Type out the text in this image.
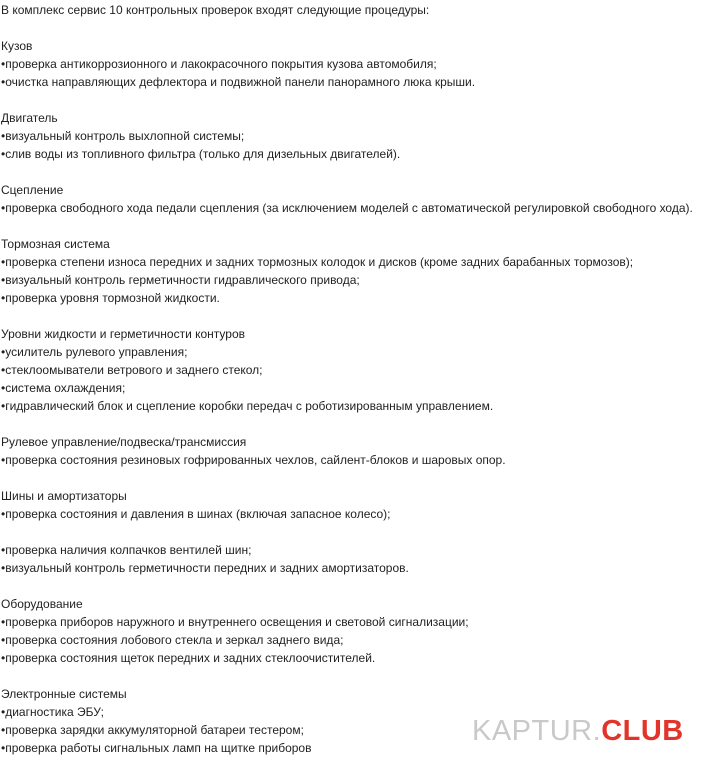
В комплекс сервис 10 контрольных проверок входят следующие процедуры:
Кузов
•проверка антикоррозионного и лакокрасочного покрытия кузова автомобиля;
•очистка направляющих дефлектора и подвижной панели панорамного люка крыши.
Двигатель
•визуальный контроль выхлопной системы;
•слив воды из топливного фильтра (только для дизельных двигателей).
Сцепление
•проверка свободного хода педали сцепления (за исключением моделей с автоматической регулировкой свободного хода).
Тормозная система
•проверка степени износа передних и задних тормозных колодок и дисков (кроме задних барабанных тормозов);
•визуальный контроль герметичности гидравлического привода;
•проверка уровня тормозной жидкости.
Уровни жидкости и герметичности контуров
•усилитель рулевого управления;
•стеклоомыватели ветрового и заднего стекол;
•система охлаждения;
•гидравлический блок и сцепление коробки передач с роботизированным управлением.
Рулевое управление/подвеска/трансмиссия
•проверка состояния резиновых гофрированных чехлов, сайлент-блоков и шаровых опор.
Шины и амортизаторы
•проверка состояния и давления в шинах (включая запасное колесо);
•проверка наличия колпачков вентилей шин;
•визуальный контроль герметичности передних и задних амортизаторов.
Оборудование
•проверка приборов наружного и внутреннего освещения и световой сигнализации;
•проверка состояния лобового стекла и зеркал заднего вида;
•проверка состояния щеток передних и задних стеклоочистителей.
Электронные системы
•диагностика ЭБУ;
•проверка зарядки аккумуляторной батареи тестером;
•проверка работы сигнальных ламп на щитке приборов
KAPTUR.CLUB
